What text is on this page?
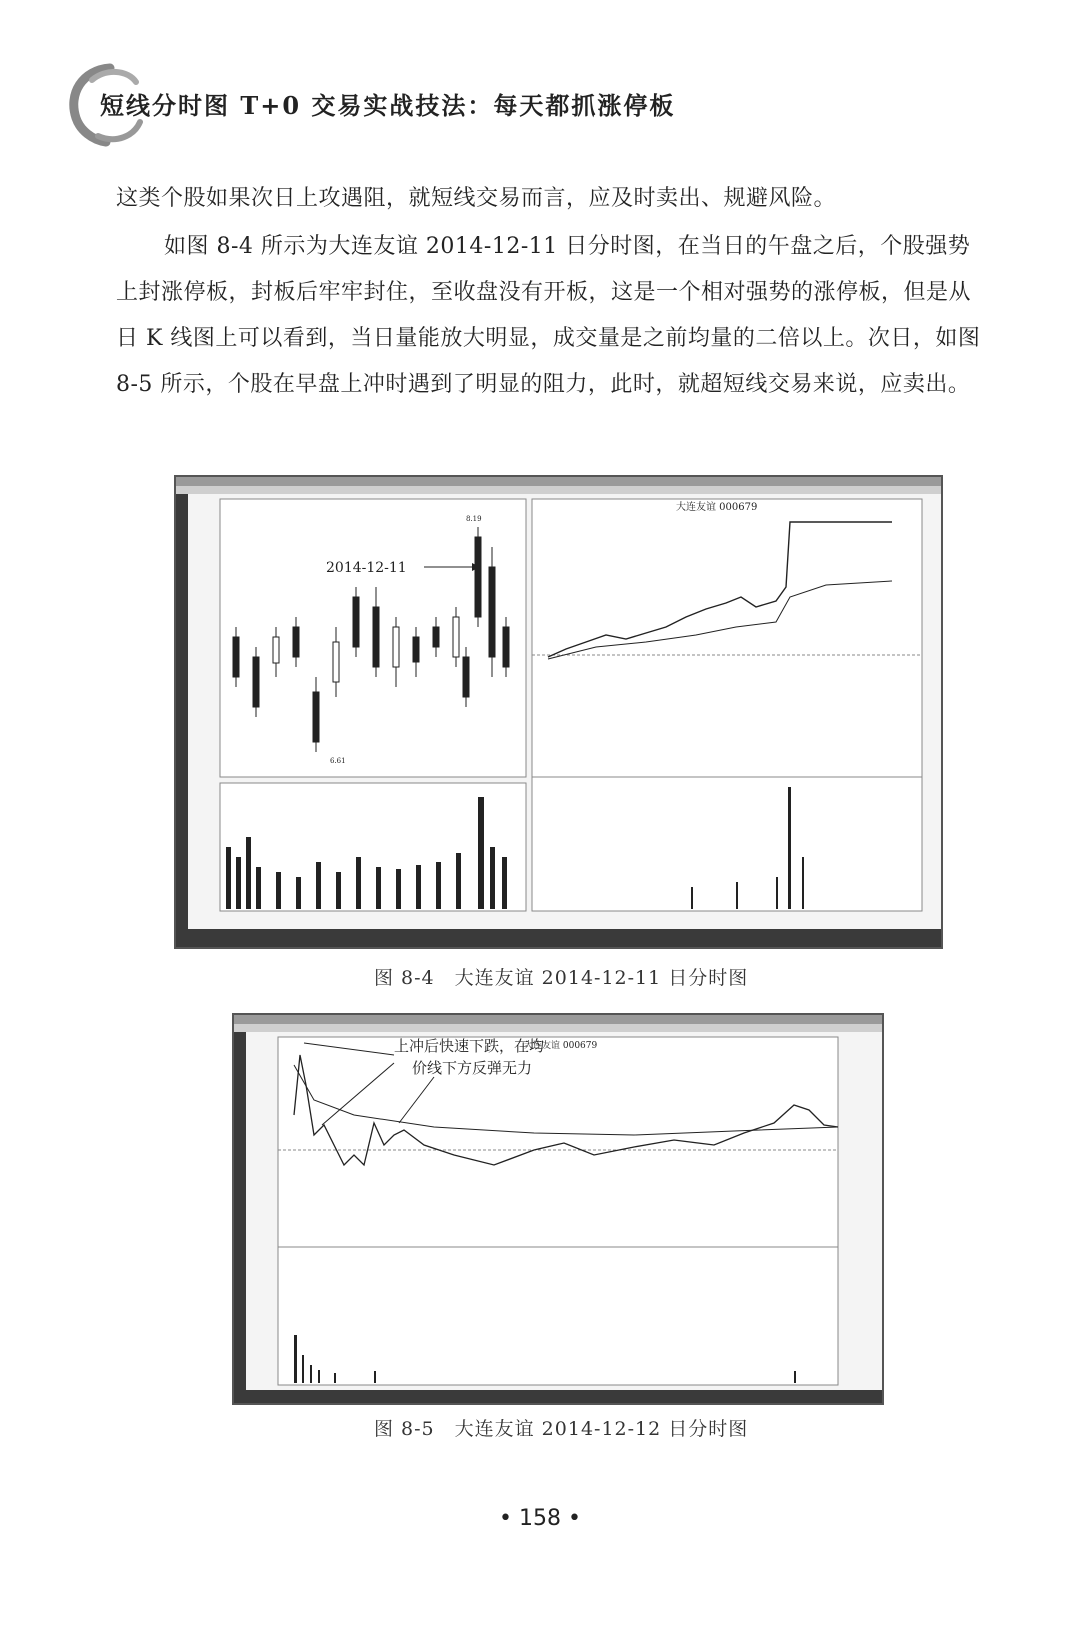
短线分时图 T+0 交易实战技法：每天都抓涨停板
这类个股如果次日上攻遇阻，就短线交易而言，应及时卖出、规避风险。
如图 8-4 所示为大连友谊 2014-12-11 日分时图，在当日的午盘之后，个股强势上封涨停板，封板后牢牢封住，至收盘没有开板，这是一个相对强势的涨停板，但是从日 K 线图上可以看到，当日量能放大明显，成交量是之前均量的二倍以上。次日，如图 8-5 所示，个股在早盘上冲时遇到了明显的阻力，此时，就超短线交易来说，应卖出。
8.19
6.61
2014-12-11
大连友谊 000679
图 8-4　大连友谊 2014-12-11 日分时图
大连友谊 000679
上冲后快速下跌，在均
价线下方反弹无力
图 8-5　大连友谊 2014-12-12 日分时图
• 158 •
